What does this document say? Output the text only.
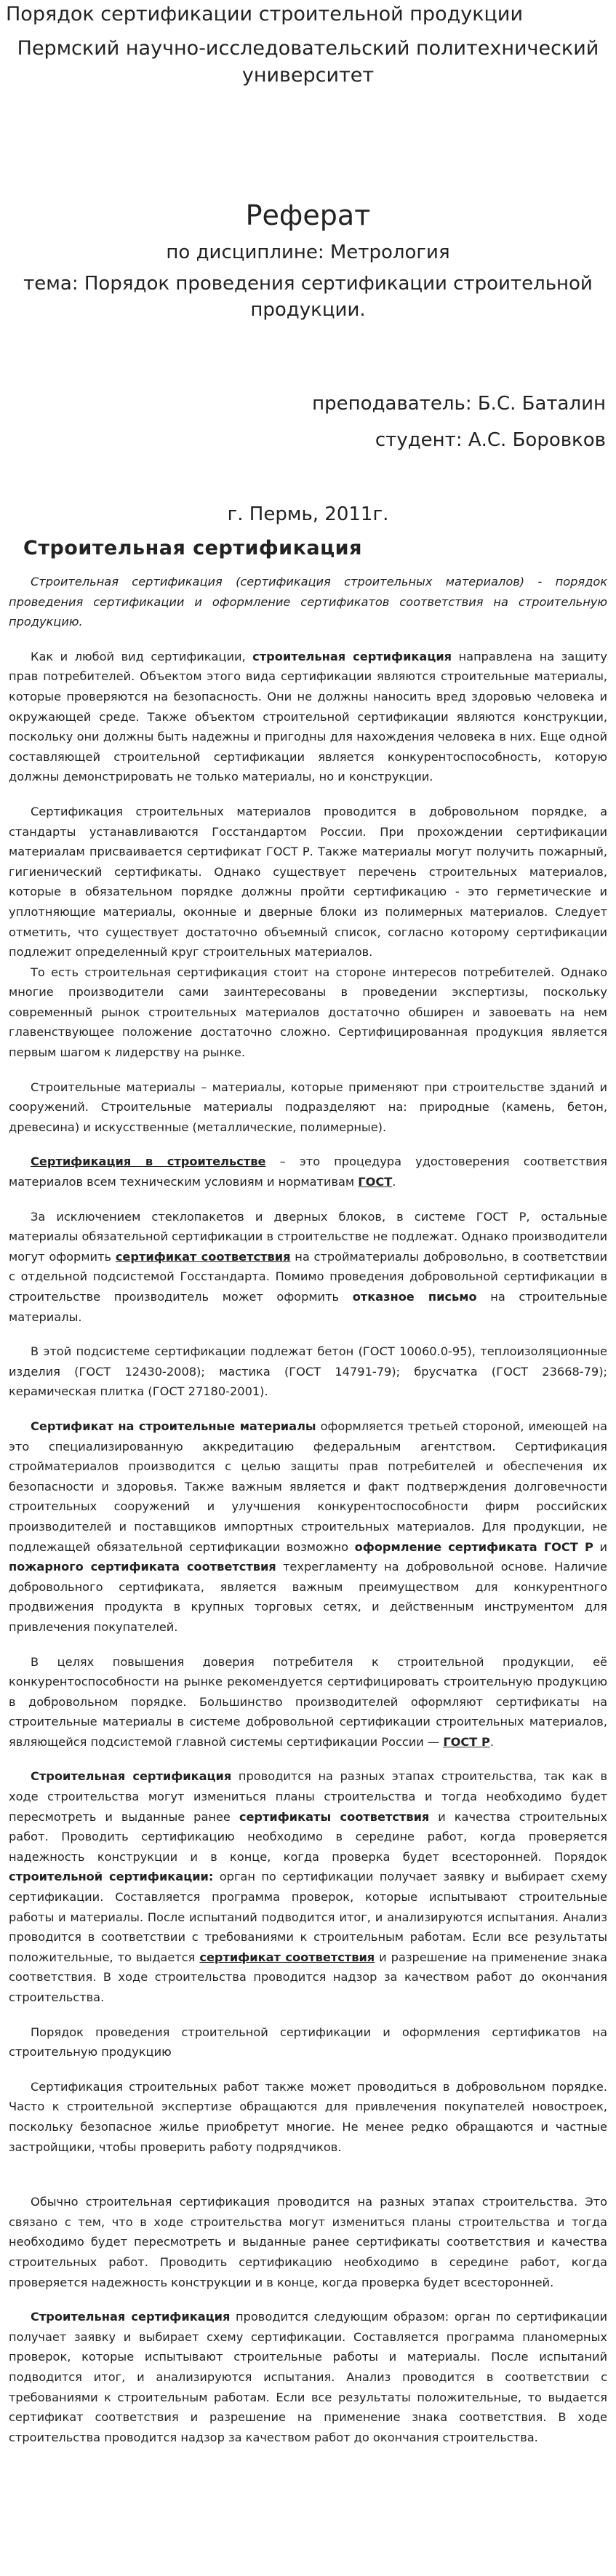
Порядок сертификации строительной продукции

Пермский научно-исследовательский политехнический
университет

Реферат

по дисциплине: Метрология

тема: Порядок проведения сертификации строительной
продукции.

преподаватель: Б.С. Баталин

студент: А.С. Боровков

г. Пермь, 2011г.

Строительная сертификация

Строительная сертификация (сертификация строительных материалов) - порядок проведения сертификации и оформление сертификатов соответствия на строительную продукцию.

Как и любой вид сертификации, строительная сертификация направлена на защиту прав потребителей. Объектом этого вида сертификации являются строительные материалы, которые проверяются на безопасность. Они не должны наносить вред здоровью человека и окружающей среде. Также объектом строительной сертификации являются конструкции, поскольку они должны быть надежны и пригодны для нахождения человека в них. Еще одной составляющей строительной сертификации является конкурентоспособность, которую должны демонстрировать не только материалы, но и конструкции.

Сертификация строительных материалов проводится в добровольном порядке, а стандарты устанавливаются Госстандартом России. При прохождении сертификации материалам присваивается сертификат ГОСТ Р. Также материалы могут получить пожарный, гигиенический сертификаты. Однако существует перечень строительных материалов, которые в обязательном порядке должны пройти сертификацию - это герметические и уплотняющие материалы, оконные и дверные блоки из полимерных материалов. Следует отметить, что существует достаточно объемный список, согласно которому сертификации подлежит определенный круг строительных материалов.

То есть строительная сертификация стоит на стороне интересов потребителей. Однако многие производители сами заинтересованы в проведении экспертизы, поскольку современный рынок строительных материалов достаточно обширен и завоевать на нем главенствующее положение достаточно сложно. Сертифицированная продукция является первым шагом к лидерству на рынке.

Строительные материалы – материалы, которые применяют при строительстве зданий и сооружений. Строительные материалы подразделяют на: природные (камень, бетон, древесина) и искусственные (металлические, полимерные).

Сертификация в строительстве – это процедура удостоверения соответствия материалов всем техническим условиям и нормативам ГОСТ.

За исключением стеклопакетов и дверных блоков, в системе ГОСТ Р, остальные материалы обязательной сертификации в строительстве не подлежат. Однако производители могут оформить сертификат соответствия на стройматериалы добровольно, в соответствии с отдельной подсистемой Госстандарта. Помимо проведения добровольной сертификации в строительстве производитель может оформить отказное письмо на строительные материалы.

В этой подсистеме сертификации подлежат бетон (ГОСТ 10060.0-95), теплоизоляционные изделия (ГОСТ 12430-2008); мастика (ГОСТ 14791-79); брусчатка (ГОСТ 23668-79); керамическая плитка (ГОСТ 27180-2001).

Сертификат на строительные материалы оформляется третьей стороной, имеющей на это специализированную аккредитацию федеральным агентством. Сертификация стройматериалов производится с целью защиты прав потребителей и обеспечения их безопасности и здоровья. Также важным является и факт подтверждения долговечности строительных сооружений и улучшения конкурентоспособности фирм российских производителей и поставщиков импортных строительных материалов. Для продукции, не подлежащей обязательной сертификации возможно оформление сертификата ГОСТ Р и пожарного сертификата соответствия техрегламенту на добровольной основе. Наличие добровольного сертификата, является важным преимуществом для конкурентного продвижения продукта в крупных торговых сетях, и действенным инструментом для привлечения покупателей.

В целях повышения доверия потребителя к строительной продукции, её конкурентоспособности на рынке рекомендуется сертифицировать строительную продукцию в добровольном порядке. Большинство производителей оформляют сертификаты на строительные материалы в системе добровольной сертификации строительных материалов, являющейся подсистемой главной системы сертификации России — ГОСТ Р.

Строительная сертификация проводится на разных этапах строительства, так как в ходе строительства могут измениться планы строительства и тогда необходимо будет пересмотреть и выданные ранее сертификаты соответствия и качества строительных работ. Проводить сертификацию необходимо в середине работ, когда проверяется надежность конструкции и в конце, когда проверка будет всесторонней. Порядок строительной сертификации: орган по сертификации получает заявку и выбирает схему сертификации. Составляется программа проверок, которые испытывают строительные работы и материалы. После испытаний подводится итог, и анализируются испытания. Анализ проводится в соответствии с требованиями к строительным работам. Если все результаты положительные, то выдается сертификат соответствия и разрешение на применение знака соответствия. В ходе строительства проводится надзор за качеством работ до окончания строительства.

Порядок проведения строительной сертификации и оформления сертификатов на строительную продукцию

Сертификация строительных работ также может проводиться в добровольном порядке. Часто к строительной экспертизе обращаются для привлечения покупателей новостроек, поскольку безопасное жилье приобретут многие. Не менее редко обращаются и частные застройщики, чтобы проверить работу подрядчиков.

Обычно строительная сертификация проводится на разных этапах строительства. Это связано с тем, что в ходе строительства могут измениться планы строительства и тогда необходимо будет пересмотреть и выданные ранее сертификаты соответствия и качества строительных работ. Проводить сертификацию необходимо в середине работ, когда проверяется надежность конструкции и в конце, когда проверка будет всесторонней.

Строительная сертификация проводится следующим образом: орган по сертификации получает заявку и выбирает схему сертификации. Составляется программа планомерных проверок, которые испытывают строительные работы и материалы. После испытаний подводится итог, и анализируются испытания. Анализ проводится в соответствии с требованиями к строительным работам. Если все результаты положительные, то выдается сертификат соответствия и разрешение на применение знака соответствия. В ходе строительства проводится надзор за качеством работ до окончания строительства.
